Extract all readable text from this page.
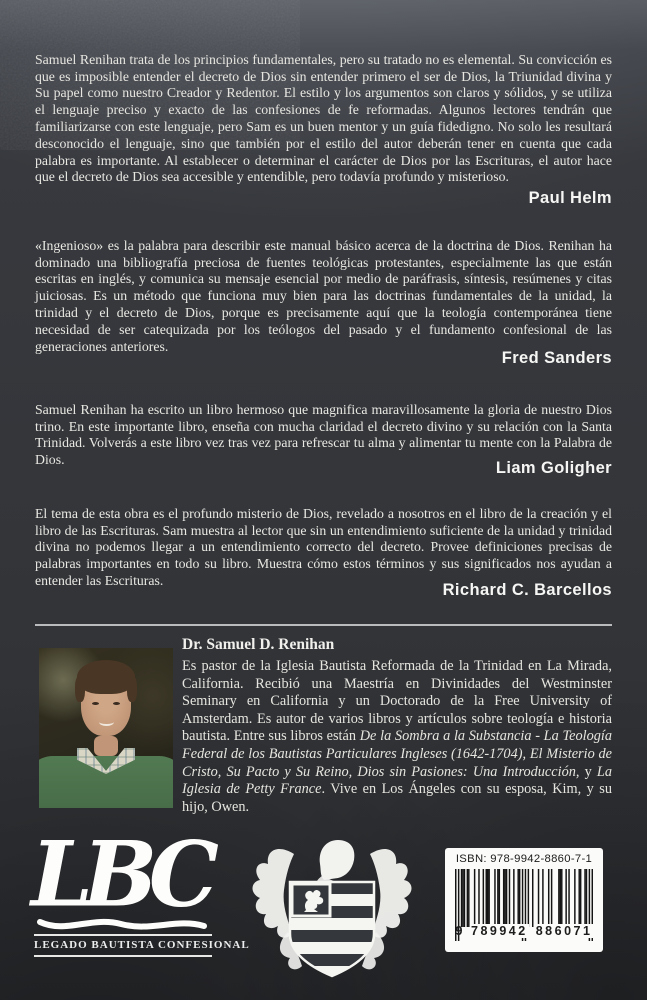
Samuel Renihan trata de los principios fundamentales, pero su tratado no es elemental. Su convicción es que es imposible entender el decreto de Dios sin entender primero el ser de Dios, la Triunidad divina y Su papel como nuestro Creador y Redentor. El estilo y los argumentos son claros y sólidos, y se utiliza el lenguaje preciso y exacto de las confesiones de fe reformadas. Algunos lectores tendrán que familiarizarse con este lenguaje, pero Sam es un buen mentor y un guía fidedigno. No solo les resultará desconocido el lenguaje, sino que también por el estilo del autor deberán tener en cuenta que cada palabra es importante. Al establecer o determinar el carácter de Dios por las Escrituras, el autor hace que el decreto de Dios sea accesible y entendible, pero todavía profundo y misterioso.

Paul Helm

«Ingenioso» es la palabra para describir este manual básico acerca de la doctrina de Dios. Renihan ha dominado una bibliografía preciosa de fuentes teológicas protestantes, especialmente las que están escritas en inglés, y comunica su mensaje esencial por medio de paráfrasis, síntesis, resúmenes y citas juiciosas. Es un método que funciona muy bien para las doctrinas fundamentales de la unidad, la trinidad y el decreto de Dios, porque es precisamente aquí que la teología contemporánea tiene necesidad de ser catequizada por los teólogos del pasado y el fundamento confesional de las generaciones anteriores.

Fred Sanders

Samuel Renihan ha escrito un libro hermoso que magnifica maravillosamente la gloria de nuestro Dios trino. En este importante libro, enseña con mucha claridad el decreto divino y su relación con la Santa Trinidad. Volverás a este libro vez tras vez para refrescar tu alma y alimentar tu mente con la Palabra de Dios.	Liam Goligher

El tema de esta obra es el profundo misterio de Dios, revelado a nosotros en el libro de la creación y el libro de las Escrituras. Sam muestra al lector que sin un entendimiento suficiente de la unidad y trinidad divina no podemos llegar a un entendimiento correcto del decreto. Provee definiciones precisas de palabras importantes en todo su libro. Muestra cómo estos términos y sus significados nos ayudan a entender las Escrituras.

Richard C. Barcellos

Dr. Samuel D. Renihan

Es pastor de la Iglesia Bautista Reformada de la Trinidad en La Mirada, California. Recibió una Maestría en Divinidades del Westminster Seminary en California y un Doctorado de la Free University of Amsterdam. Es autor de varios libros y artículos sobre teología e historia bautista. Entre sus libros están De la Sombra a la Substancia - La Teología Federal de los Bautistas Particulares Ingleses (1642-1704), El Misterio de Cristo, Su Pacto y Su Reino, Dios sin Pasiones: Una Introducción, y La Iglesia de Petty France. Vive en Los Ángeles con su esposa, Kim, y su hijo, Owen.
LBC
LEGADO BAUTISTA CONFESIONAL
ISBN: 978-9942-8860-7-1
9 789942 886071
